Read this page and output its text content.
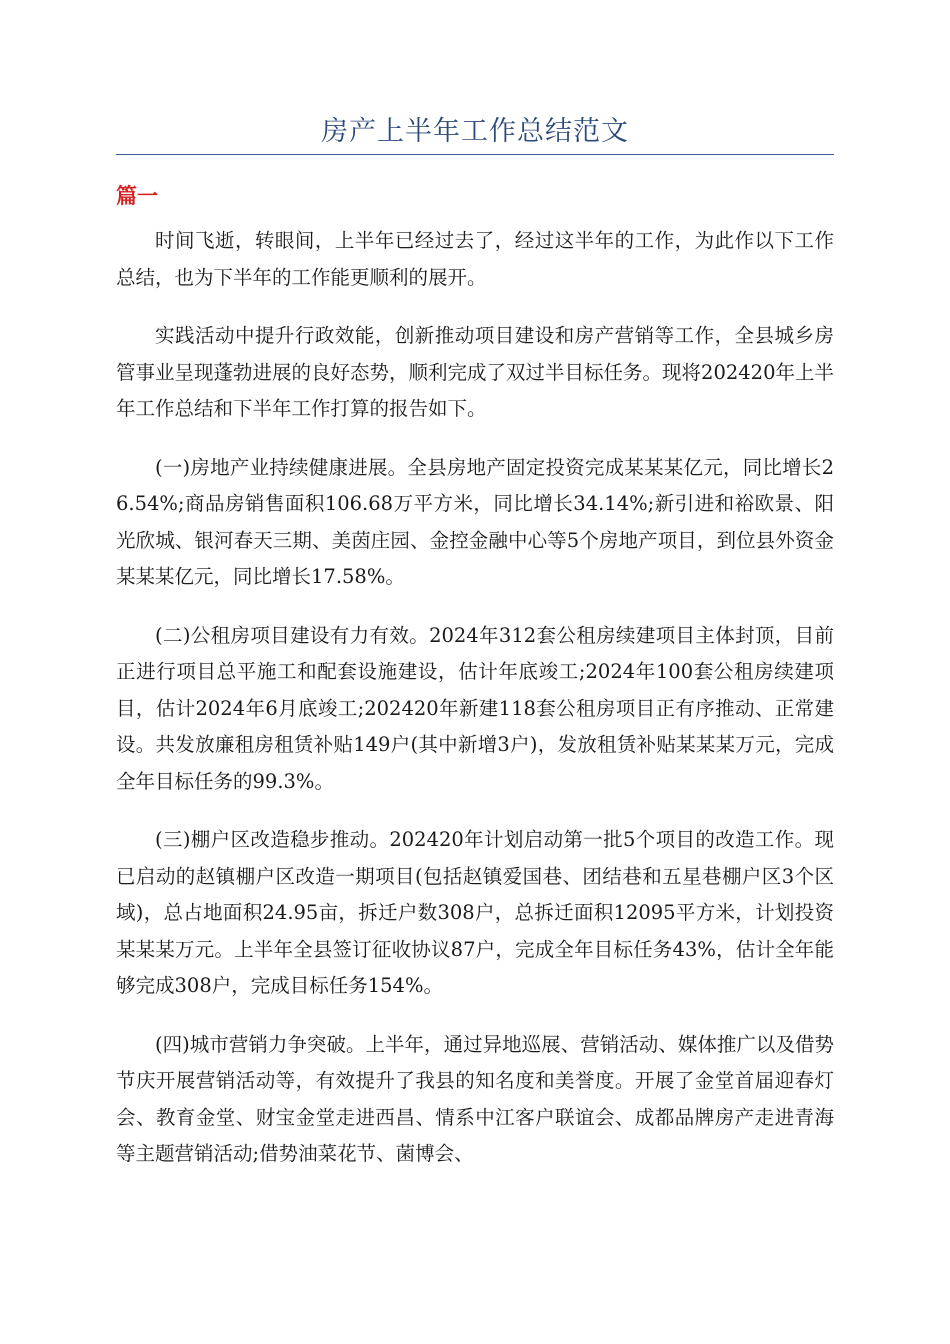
房产上半年工作总结范文
篇一

时间飞逝，转眼间，上半年已经过去了，经过这半年的工作，为此作以下工作总结，也为下半年的工作能更顺利的展开。

实践活动中提升行政效能，创新推动项目建设和房产营销等工作，全县城乡房管事业呈现蓬勃进展的良好态势，顺利完成了双过半目标任务。现将202420年上半年工作总结和下半年工作打算的报告如下。

(一)房地产业持续健康进展。全县房地产固定投资完成某某某亿元，同比增长26.54%;商品房销售面积106.68万平方米，同比增长34.14%;新引进和裕欧景、阳光欣城、银河春天三期、美茵庄园、金控金融中心等5个房地产项目，到位县外资金某某某亿元，同比增长17.58%。

(二)公租房项目建设有力有效。2024年312套公租房续建项目主体封顶，目前正进行项目总平施工和配套设施建设，估计年底竣工;2024年100套公租房续建项目，估计2024年6月底竣工;202420年新建118套公租房项目正有序推动、正常建设。共发放廉租房租赁补贴149户(其中新增3户)，发放租赁补贴某某某万元，完成全年目标任务的99.3%。

(三)棚户区改造稳步推动。202420年计划启动第一批5个项目的改造工作。现已启动的赵镇棚户区改造一期项目(包括赵镇爱国巷、团结巷和五星巷棚户区3个区域)，总占地面积24.95亩，拆迁户数308户，总拆迁面积12095平方米，计划投资某某某万元。上半年全县签订征收协议87户，完成全年目标任务43%，估计全年能够完成308户，完成目标任务154%。

(四)城市营销力争突破。上半年，通过异地巡展、营销活动、媒体推广以及借势节庆开展营销活动等，有效提升了我县的知名度和美誉度。开展了金堂首届迎春灯会、教育金堂、财宝金堂走进西昌、情系中江客户联谊会、成都品牌房产走进青海等主题营销活动;借势油菜花节、菌博会、
